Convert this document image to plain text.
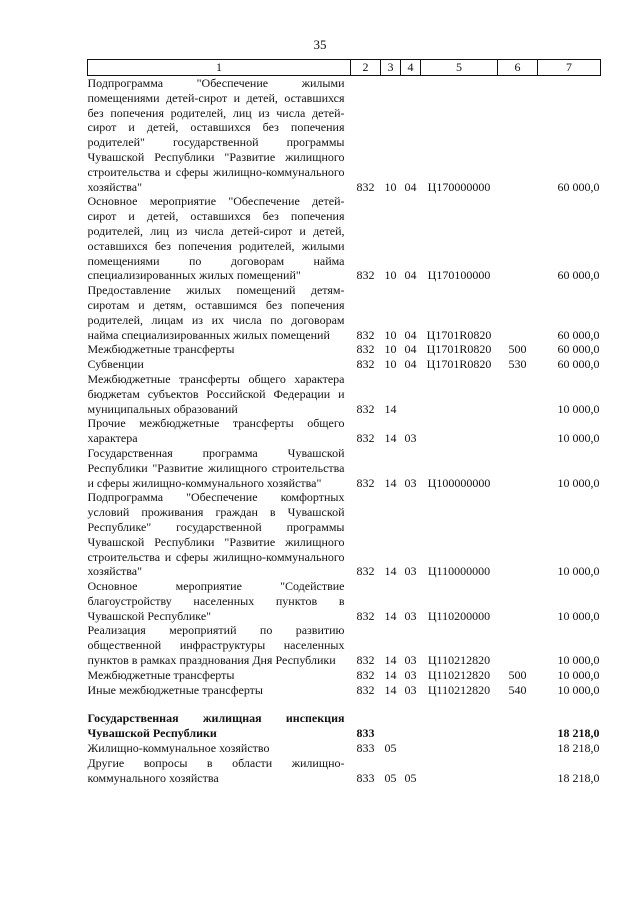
35
1	2	3	4	5	6	7
Подпрограмма "Обеспечение жилыми помещениями детей-сирот и детей, оставшихся без попечения родителей, лиц из числа детей-сирот и детей, оставшихся без попечения родителей" государственной программы Чувашской Республики "Развитие жилищного строительства и сферы жилищно-коммунального хозяйства"	832	10	04	Ц170000000		60 000,0
Основное мероприятие "Обеспечение детей-сирот и детей, оставшихся без попечения родителей, лиц из числа детей-сирот и детей, оставшихся без попечения родителей, жилыми помещениями по договорам найма специализированных жилых помещений"	832	10	04	Ц170100000		60 000,0
Предоставление жилых помещений детям-сиротам и детям, оставшимся без попечения родителей, лицам из их числа по договорам найма специализированных жилых помещений	832	10	04	Ц1701R0820		60 000,0
Межбюджетные трансферты	832	10	04	Ц1701R0820	500	60 000,0
Субвенции	832	10	04	Ц1701R0820	530	60 000,0
Межбюджетные трансферты общего характера бюджетам субъектов Российской Федерации и муниципальных образований	832	14				10 000,0
Прочие межбюджетные трансферты общего характера	832	14	03			10 000,0
Государственная программа Чувашской Республики "Развитие жилищного строительства и сферы жилищно-коммунального хозяйства"	832	14	03	Ц100000000		10 000,0
Подпрограмма "Обеспечение комфортных условий проживания граждан в Чувашской Республике" государственной программы Чувашской Республики "Развитие жилищного строительства и сферы жилищно-коммунального хозяйства"	832	14	03	Ц110000000		10 000,0
Основное мероприятие "Содействие благоустройству населенных пунктов в Чувашской Республике"	832	14	03	Ц110200000		10 000,0
Реализация мероприятий по развитию общественной инфраструктуры населенных пунктов в рамках празднования Дня Республики	832	14	03	Ц110212820		10 000,0
Межбюджетные трансферты	832	14	03	Ц110212820	500	10 000,0
Иные межбюджетные трансферты	832	14	03	Ц110212820	540	10 000,0

Государственная жилищная инспекция Чувашской Республики	833					18 218,0
Жилищно-коммунальное хозяйство	833	05				18 218,0
Другие вопросы в области жилищно-коммунального хозяйства	833	05	05			18 218,0
